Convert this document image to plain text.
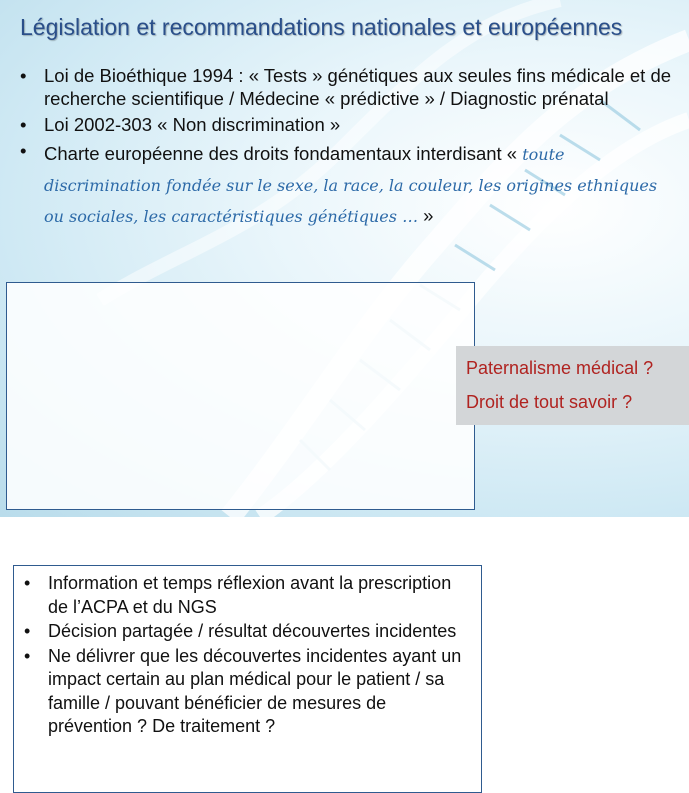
Législation et recommandations nationales et européennes
• Loi de Bioéthique 1994 : « Tests » génétiques aux seules fins médicale et de recherche scientifique / Médecine « prédictive » / Diagnostic prénatal
• Loi 2002-303 « Non discrimination »
• Charte européenne des droits fondamentaux interdisant « toute discrimination fondée sur le sexe, la race, la couleur, les origines ethniques ou sociales, les caractéristiques génétiques … »
• Information et temps réflexion avant la prescription de l’ACPA et du NGS
• Décision partagée / résultat découvertes incidentes
• Ne délivrer que les découvertes incidentes ayant un impact certain au plan médical pour le patient / sa famille / pouvant bénéficier de mesures de prévention ? De traitement ?
Paternalisme médical ?
Droit de tout savoir ?
